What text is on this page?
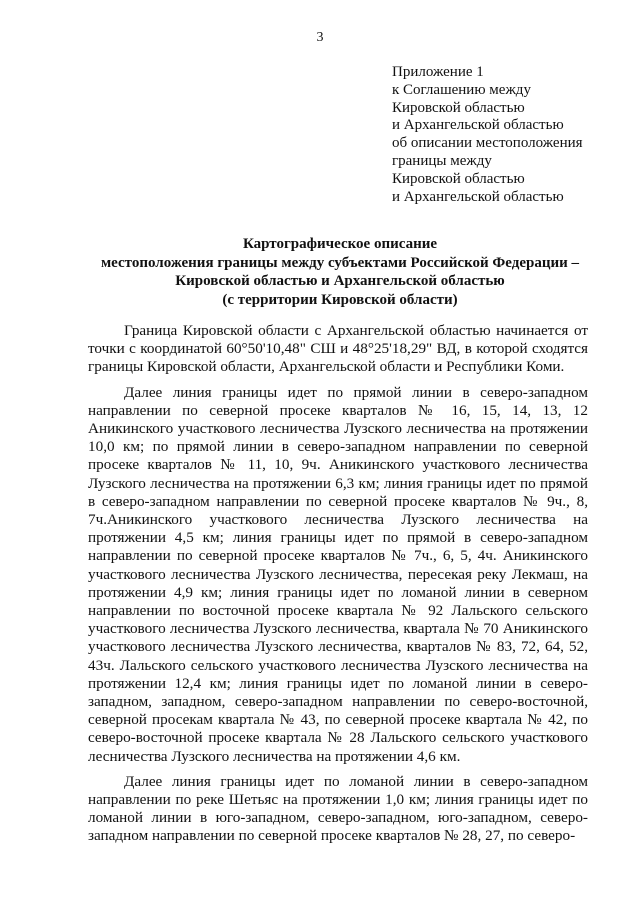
3
Приложение 1
к Соглашению между
Кировской областью
и Архангельской областью
об описании местоположения
границы между
Кировской областью
и Архангельской областью
Картографическое описание
местоположения границы между субъектами Российской Федерации –
Кировской областью и Архангельской областью
(с территории Кировской области)

Граница Кировской области с Архангельской областью начинается от точки с координатой 60°50'10,48" СШ и 48°25'18,29" ВД, в которой сходятся границы Кировской области, Архангельской области и Республики Коми.

Далее линия границы идет по прямой линии в северо-западном направлении по северной просеке кварталов № 16, 15, 14, 13, 12 Аникинского участкового лесничества Лузского лесничества на протяжении 10,0 км; по прямой линии в северо-западном направлении по северной просеке кварталов № 11, 10, 9ч. Аникинского участкового лесничества Лузского лесничества на протяжении 6,3 км; линия границы идет по прямой в северо-западном направлении по северной просеке кварталов № 9ч., 8, 7ч.Аникинского участкового лесничества Лузского лесничества на протяжении 4,5 км; линия границы идет по прямой в северо-западном направлении по северной просеке кварталов № 7ч., 6, 5, 4ч. Аникинского участкового лесничества Лузского лесничества, пересекая реку Лекмаш, на протяжении 4,9 км; линия границы идет по ломаной линии в северном направлении по восточной просеке квартала № 92 Лальского сельского участкового лесничества Лузского лесничества, квартала № 70 Аникинского участкового лесничества Лузского лесничества, кварталов № 83, 72, 64, 52, 43ч. Лальского сельского участкового лесничества Лузского лесничества на протяжении 12,4 км; линия границы идет по ломаной линии в северо-западном, западном, северо-западном направлении по северо-восточной, северной просекам квартала № 43, по северной просеке квартала № 42, по северо-восточной просеке квартала № 28 Лальского сельского участкового лесничества Лузского лесничества на протяжении 4,6 км.

Далее линия границы идет по ломаной линии в северо-западном направлении по реке Шетьяс на протяжении 1,0 км; линия границы идет по ломаной линии в юго-западном, северо-западном, юго-западном, северо-западном направлении по северной просеке кварталов № 28, 27, по северо-
